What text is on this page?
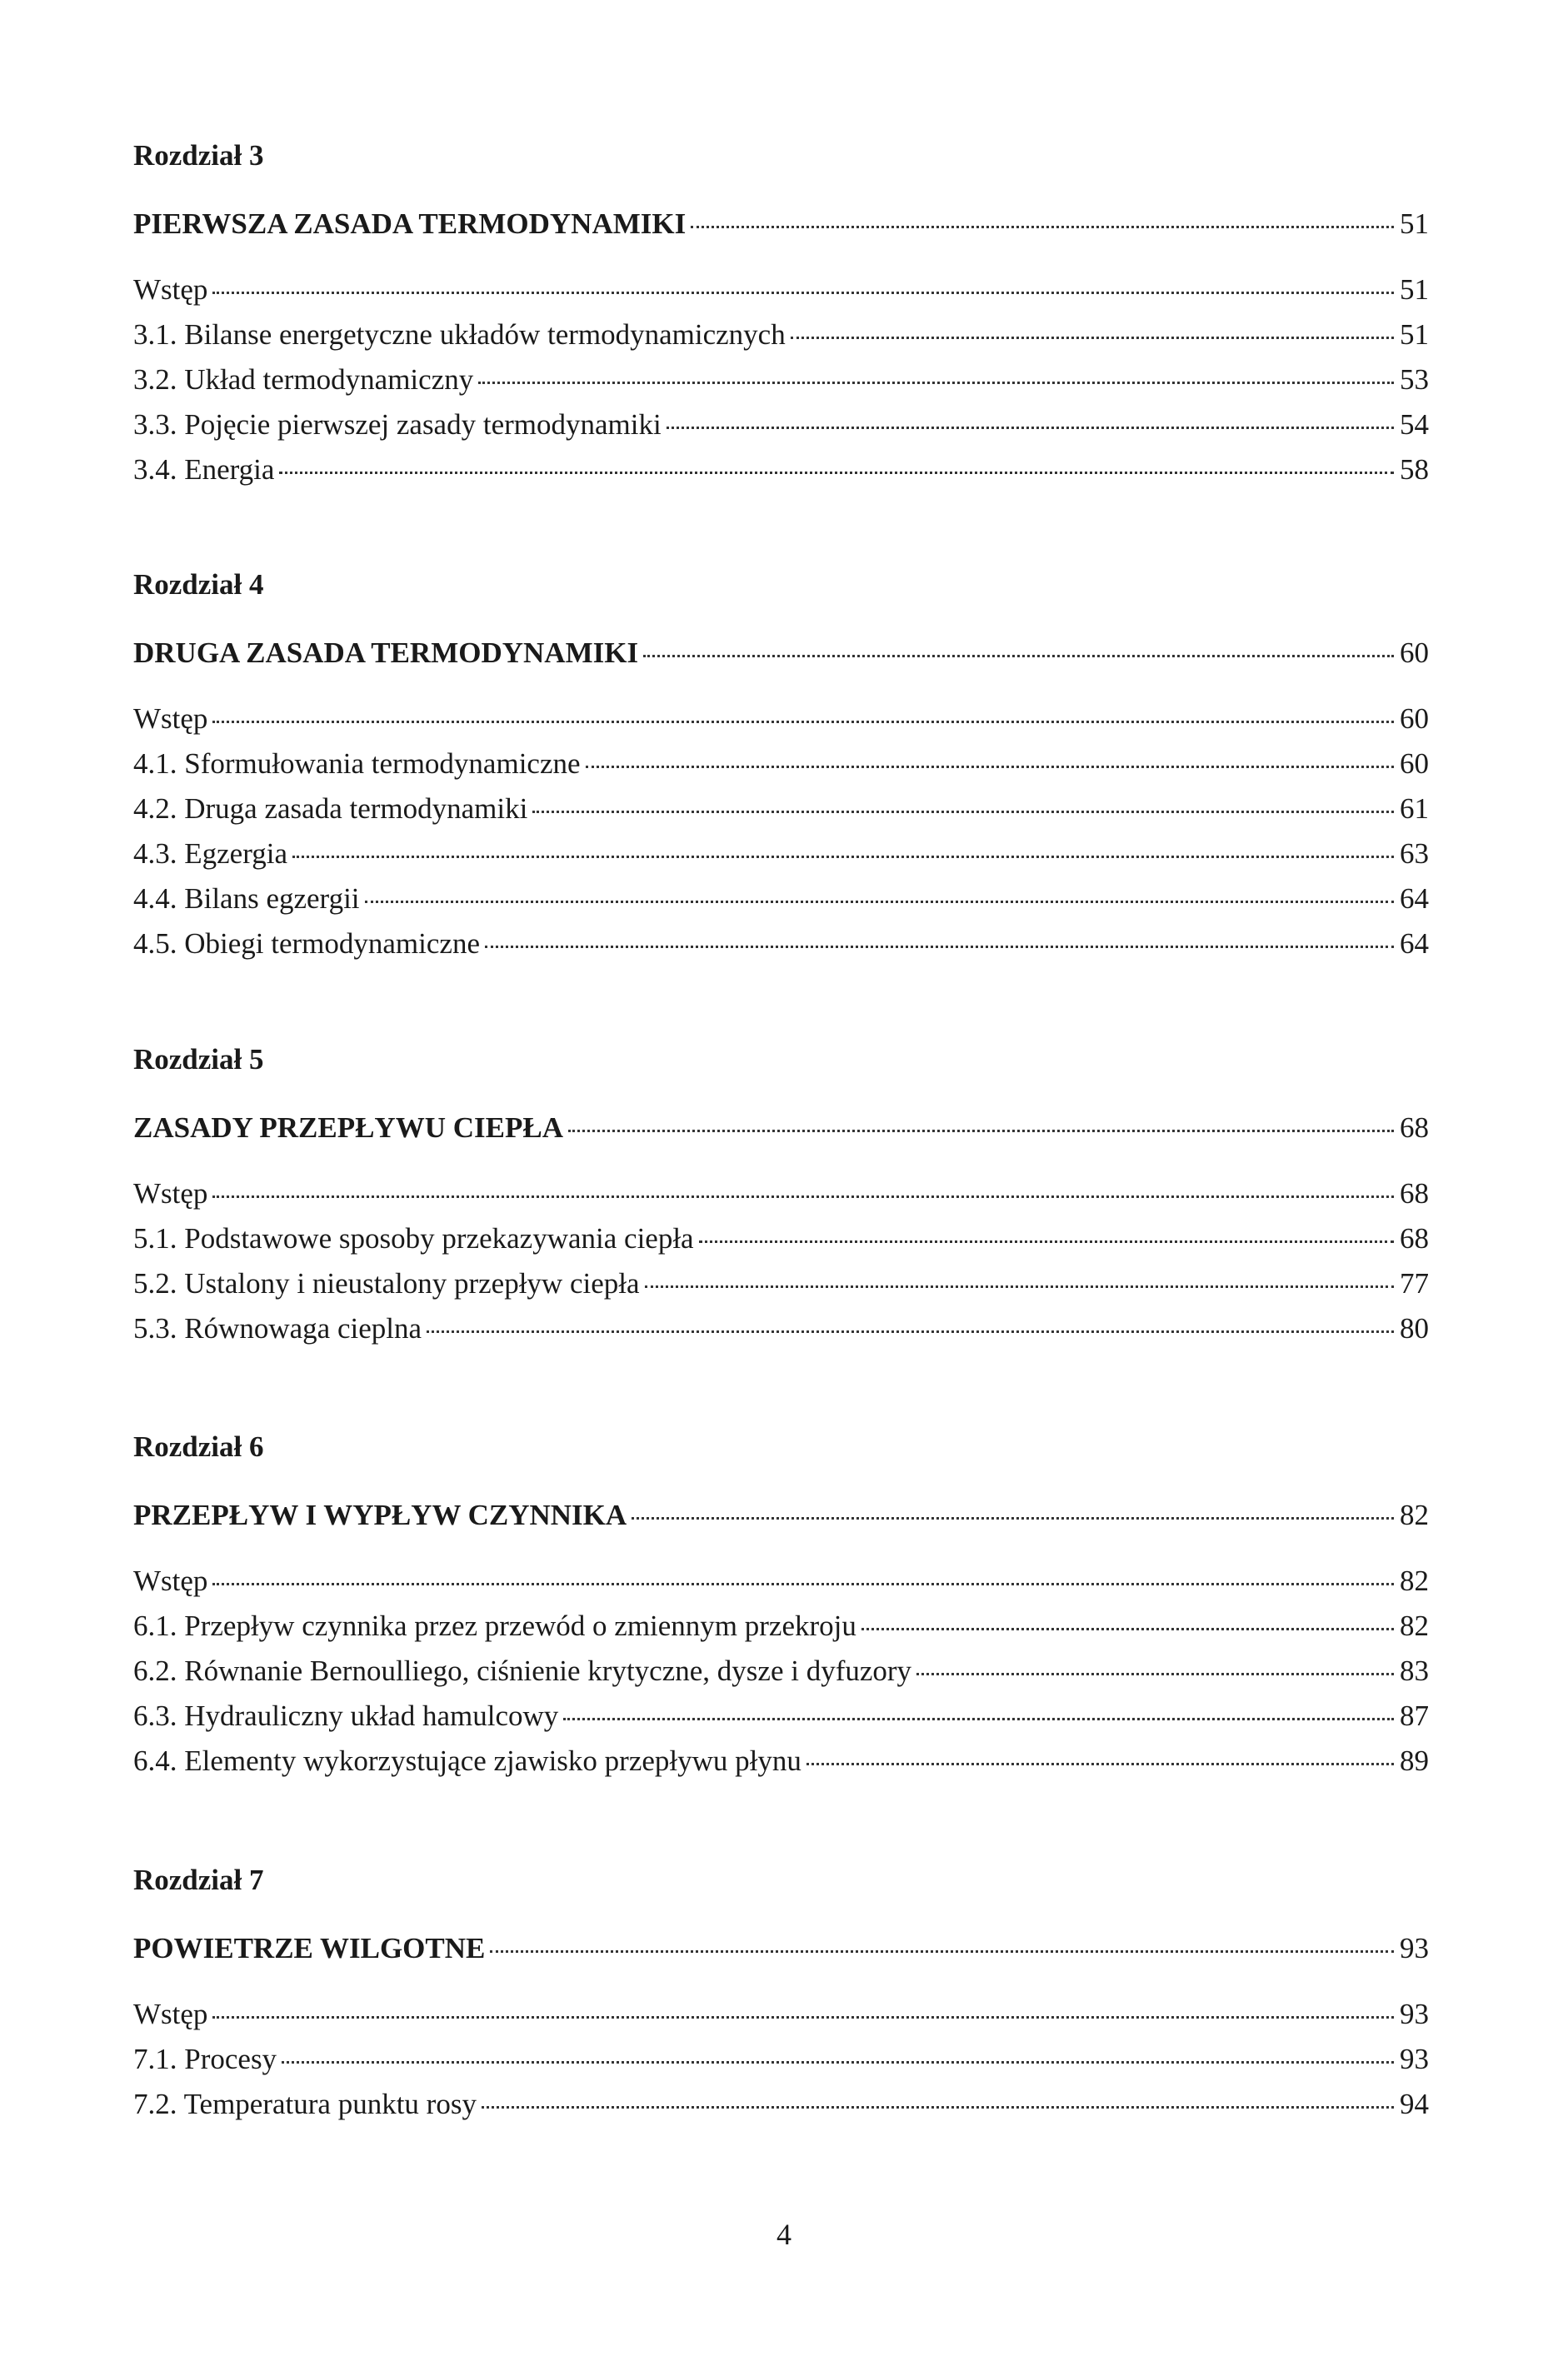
Rozdział 3
PIERWSZA ZASADA TERMODYNAMIKI	51
Wstęp	51
3.1. Bilanse energetyczne układów termodynamicznych	51
3.2. Układ termodynamiczny	53
3.3. Pojęcie pierwszej zasady termodynamiki	54
3.4. Energia	58
Rozdział 4
DRUGA ZASADA TERMODYNAMIKI	60
Wstęp	60
4.1. Sformułowania termodynamiczne	60
4.2. Druga zasada termodynamiki	61
4.3. Egzergia	63
4.4. Bilans egzergii	64
4.5. Obiegi termodynamiczne	64
Rozdział 5
ZASADY PRZEPŁYWU CIEPŁA	68
Wstęp	68
5.1. Podstawowe sposoby przekazywania ciepła	68
5.2. Ustalony i nieustalony przepływ ciepła	77
5.3. Równowaga cieplna	80
Rozdział 6
PRZEPŁYW I WYPŁYW CZYNNIKA	82
Wstęp	82
6.1. Przepływ czynnika przez przewód o zmiennym przekroju	82
6.2. Równanie Bernoulliego, ciśnienie krytyczne, dysze i dyfuzory	83
6.3. Hydrauliczny układ hamulcowy	87
6.4. Elementy wykorzystujące zjawisko przepływu płynu	89
Rozdział 7
POWIETRZE WILGOTNE	93
Wstęp	93
7.1. Procesy	93
7.2. Temperatura punktu rosy	94
4
